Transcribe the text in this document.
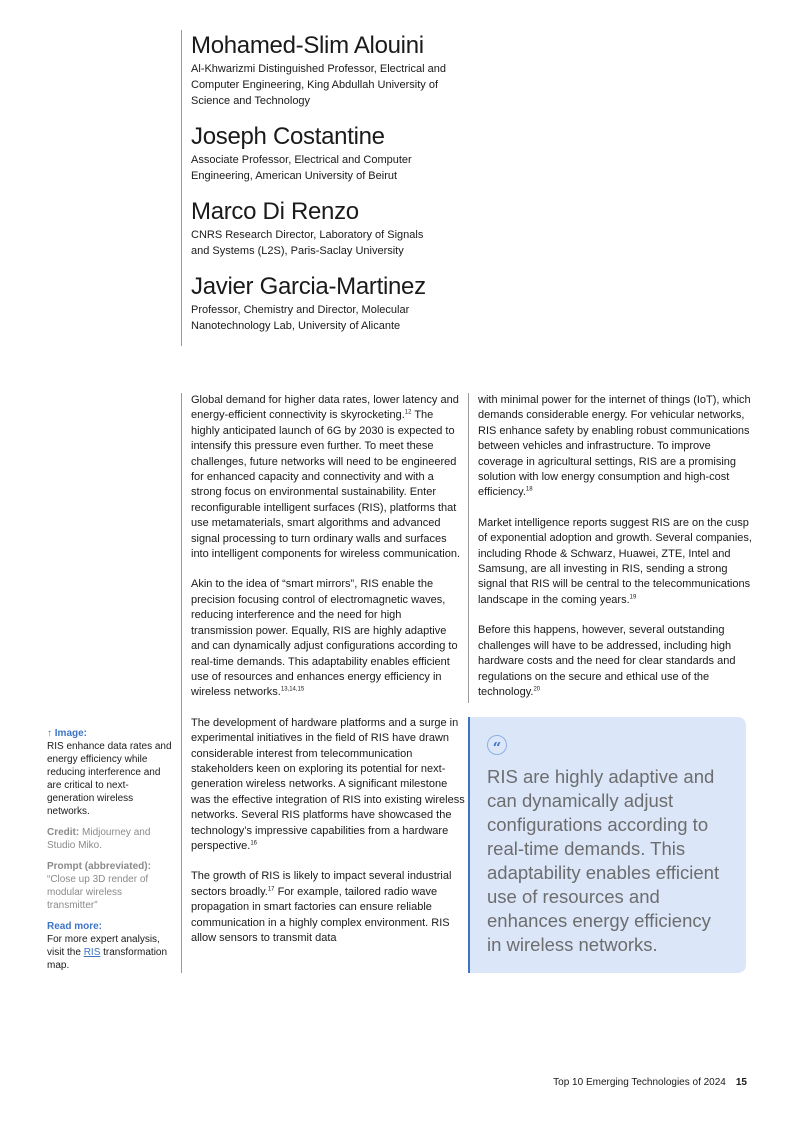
Mohamed-Slim Alouini
Al-Khwarizmi Distinguished Professor, Electrical and Computer Engineering, King Abdullah University of Science and Technology
Joseph Costantine
Associate Professor, Electrical and Computer Engineering, American University of Beirut
Marco Di Renzo
CNRS Research Director, Laboratory of Signals and Systems (L2S), Paris-Saclay University
Javier Garcia-Martinez
Professor, Chemistry and Director, Molecular Nanotechnology Lab, University of Alicante
↑ Image:
RIS enhance data rates and energy efficiency while reducing interference and are critical to next-generation wireless networks.
Credit: Midjourney and Studio Miko.
Prompt (abbreviated):
“Close up 3D render of modular wireless transmitter”
Read more:
For more expert analysis, visit the RIS transformation map.

Global demand for higher data rates, lower latency and energy-efficient connectivity is skyrocketing.$^{12}$ The highly anticipated launch of 6G by 2030 is expected to intensify this pressure even further. To meet these challenges, future networks will need to be engineered for enhanced capacity and connectivity and with a strong focus on environmental sustainability. Enter reconfigurable intelligent surfaces (RIS), platforms that use metamaterials, smart algorithms and advanced signal processing to turn ordinary walls and surfaces into intelligent components for wireless communication.

Akin to the idea of “smart mirrors”, RIS enable the precision focusing control of electromagnetic waves, reducing interference and the need for high transmission power. Equally, RIS are highly adaptive and can dynamically adjust configurations according to real-time demands. This adaptability enables efficient use of resources and enhances energy efficiency in wireless networks.$^{13,14,15}$

The development of hardware platforms and a surge in experimental initiatives in the field of RIS have drawn considerable interest from telecommunication stakeholders keen on exploring its potential for next-generation wireless networks. A significant milestone was the effective integration of RIS into existing wireless networks. Several RIS platforms have showcased the technology’s impressive capabilities from a hardware perspective.$^{16}$

The growth of RIS is likely to impact several industrial sectors broadly.$^{17}$ For example, tailored radio wave propagation in smart factories can ensure reliable communication in a highly complex environment. RIS allow sensors to transmit data

with minimal power for the internet of things (IoT), which demands considerable energy. For vehicular networks, RIS enhance safety by enabling robust communications between vehicles and infrastructure. To improve coverage in agricultural settings, RIS are a promising solution with low energy consumption and high-cost efficiency.$^{18}$

Market intelligence reports suggest RIS are on the cusp of exponential adoption and growth. Several companies, including Rhode & Schwarz, Huawei, ZTE, Intel and Samsung, are all investing in RIS, sending a strong signal that RIS will be central to the telecommunications landscape in the coming years.$^{19}$

Before this happens, however, several outstanding challenges will have to be addressed, including high hardware costs and the need for clear standards and regulations on the secure and ethical use of the technology.$^{20}$

“
RIS are highly adaptive and can dynamically adjust configurations according to real-time demands. This adaptability enables efficient use of resources and enhances energy efficiency in wireless networks.
Top 10 Emerging Technologies of 2024 15
